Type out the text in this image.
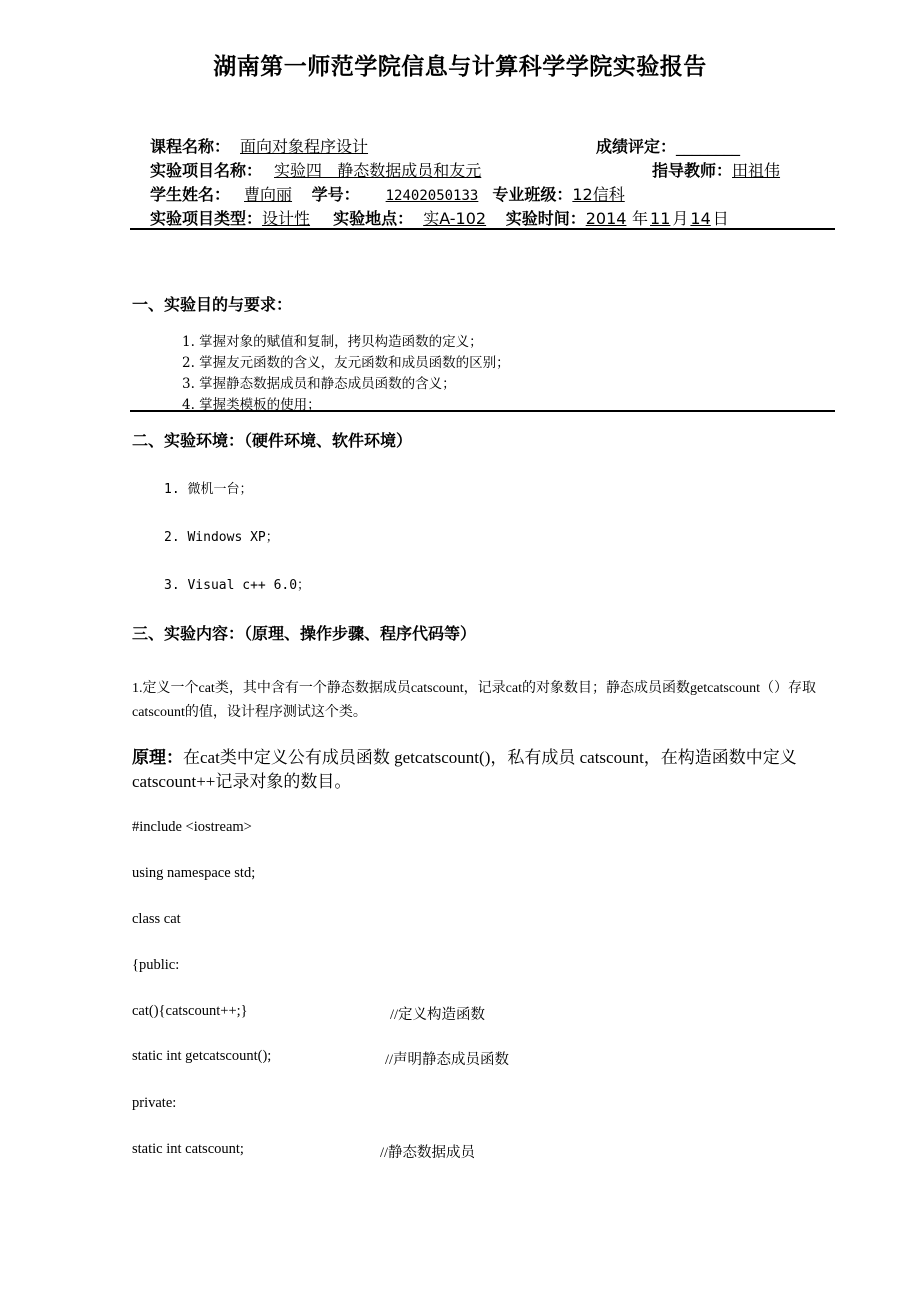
湖南第一师范学院信息与计算科学学院实验报告
课程名称： 面向对象程序设计	成绩评定：________
实验项目名称： 实验四   静态数据成员和友元	指导教师：田祖伟
学生姓名： 曹向丽 学号： 12402050133 专业班级：12信科
实验项目类型：设计性 实验地点： 实A-102 实验时间：2014 年 11 月 14 日
一、实验目的与要求：
1. 掌握对象的赋值和复制，拷贝构造函数的定义；
2. 掌握友元函数的含义，友元函数和成员函数的区别；
3. 掌握静态数据成员和静态成员函数的含义；
4. 掌握类模板的使用；
二、实验环境：（硬件环境、软件环境）
1. 微机一台；
2. Windows XP；
3. Visual c++ 6.0；
三、实验内容：（原理、操作步骤、程序代码等）
1.定义一个cat类，其中含有一个静态数据成员catscount，记录cat的对象数目；静态成员函数getcatscount（）存取catscount的值，设计程序测试这个类。
原理：在cat类中定义公有成员函数 getcatscount()，私有成员 catscount，在构造函数中定义 catscount++记录对象的数目。
#include <iostream>
using namespace std;
class cat
{public:
cat(){catscount++;}	//定义构造函数
static int getcatscount();	//声明静态成员函数
private:
static int catscount;	//静态数据成员
